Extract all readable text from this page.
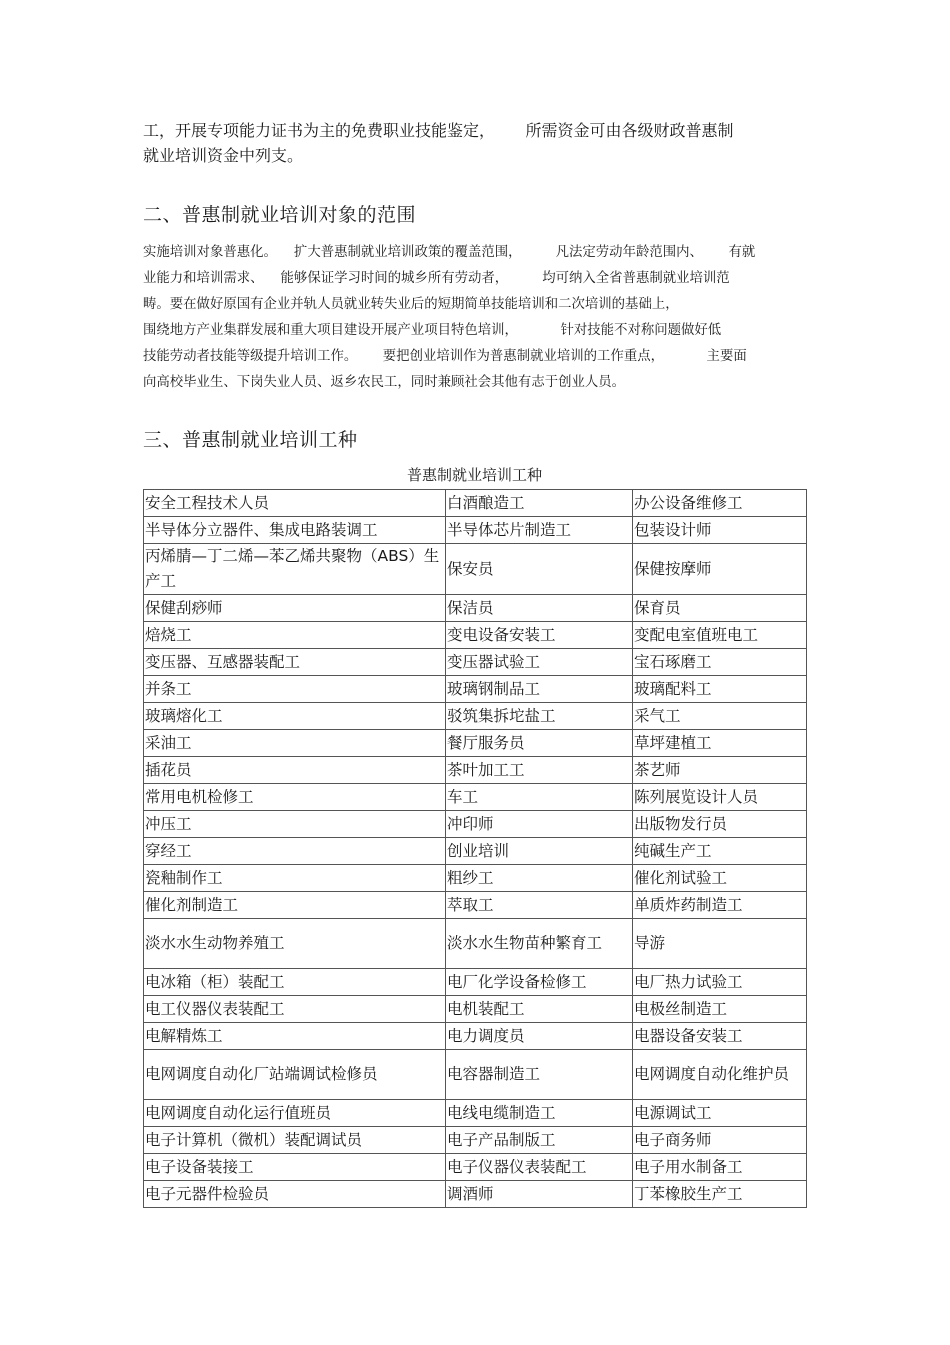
工，开展专项能力证书为主的免费职业技能鉴定，      所需资金可由各级财政普惠制
就业培训资金中列支。
二、普惠制就业培训对象的范围
实施培训对象普惠化。    扩大普惠制就业培训政策的覆盖范围，        凡法定劳动年龄范围内、      有就
业能力和培训需求、    能够保证学习时间的城乡所有劳动者，        均可纳入全省普惠制就业培训范
畴。要在做好原国有企业并轨人员就业转失业后的短期简单技能培训和二次培训的基础上，
围绕地方产业集群发展和重大项目建设开展产业项目特色培训，          针对技能不对称问题做好低
技能劳动者技能等级提升培训工作。      要把创业培训作为普惠制就业培训的工作重点，          主要面
向高校毕业生、下岗失业人员、返乡农民工，同时兼顾社会其他有志于创业人员。
三、普惠制就业培训工种
普惠制就业培训工种
安全工程技术人员	白酒酿造工	办公设备维修工
半导体分立器件、集成电路装调工	半导体芯片制造工	包装设计师
丙烯腈—丁二烯—苯乙烯共聚物（ABS）生产工	保安员	保健按摩师
保健刮痧师	保洁员	保育员
焙烧工	变电设备安装工	变配电室值班电工
变压器、互感器装配工	变压器试验工	宝石琢磨工
并条工	玻璃钢制品工	玻璃配料工
玻璃熔化工	驳筑集拆坨盐工	采气工
采油工	餐厅服务员	草坪建植工
插花员	茶叶加工工	茶艺师
常用电机检修工	车工	陈列展览设计人员
冲压工	冲印师	出版物发行员
穿经工	创业培训	纯碱生产工
瓷釉制作工	粗纱工	催化剂试验工
催化剂制造工	萃取工	单质炸药制造工
淡水水生动物养殖工	淡水水生物苗种繁育工	导游
电冰箱（柜）装配工	电厂化学设备检修工	电厂热力试验工
电工仪器仪表装配工	电机装配工	电极丝制造工
电解精炼工	电力调度员	电器设备安装工
电网调度自动化厂站端调试检修员	电容器制造工	电网调度自动化维护员
电网调度自动化运行值班员	电线电缆制造工	电源调试工
电子计算机（微机）装配调试员	电子产品制版工	电子商务师
电子设备装接工	电子仪器仪表装配工	电子用水制备工
电子元器件检验员	调酒师	丁苯橡胶生产工
